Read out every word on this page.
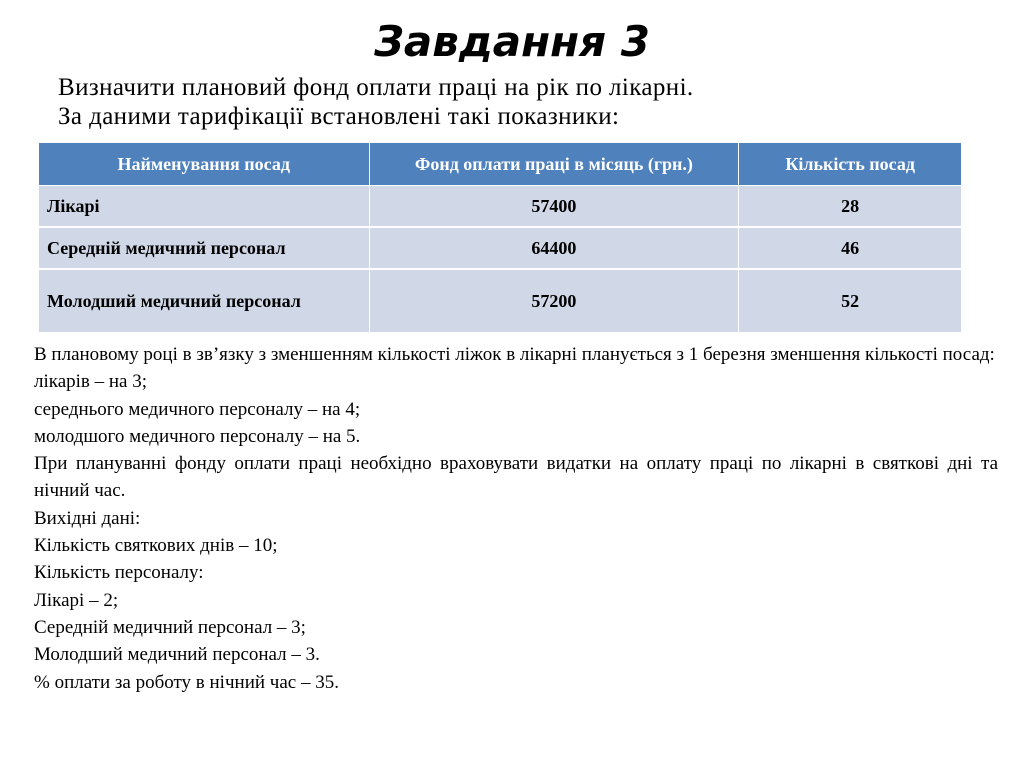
Завдання 3
Визначити плановий фонд оплати праці на рік по лікарні.
За даними тарифікації встановлені такі показники:
Найменування посад	Фонд оплати праці в місяць (грн.)	Кількість посад
Лікарі	57400	28
Середній медичний персонал	64400	46
Молодший медичний персонал	57200	52

В плановому році в зв’язку з зменшенням кількості ліжок в лікарні планується з 1 березня зменшення кількості посад:

лікарів – на 3;

середнього медичного персоналу – на 4;

молодшого медичного персоналу – на 5.

При плануванні фонду оплати праці необхідно враховувати видатки на оплату праці по лікарні в святкові дні та нічний час.

Вихідні дані:

Кількість святкових днів – 10;

Кількість персоналу:

Лікарі – 2;

Середній медичний персонал – 3;

Молодший медичний персонал – 3.

% оплати за роботу в нічний час – 35.
